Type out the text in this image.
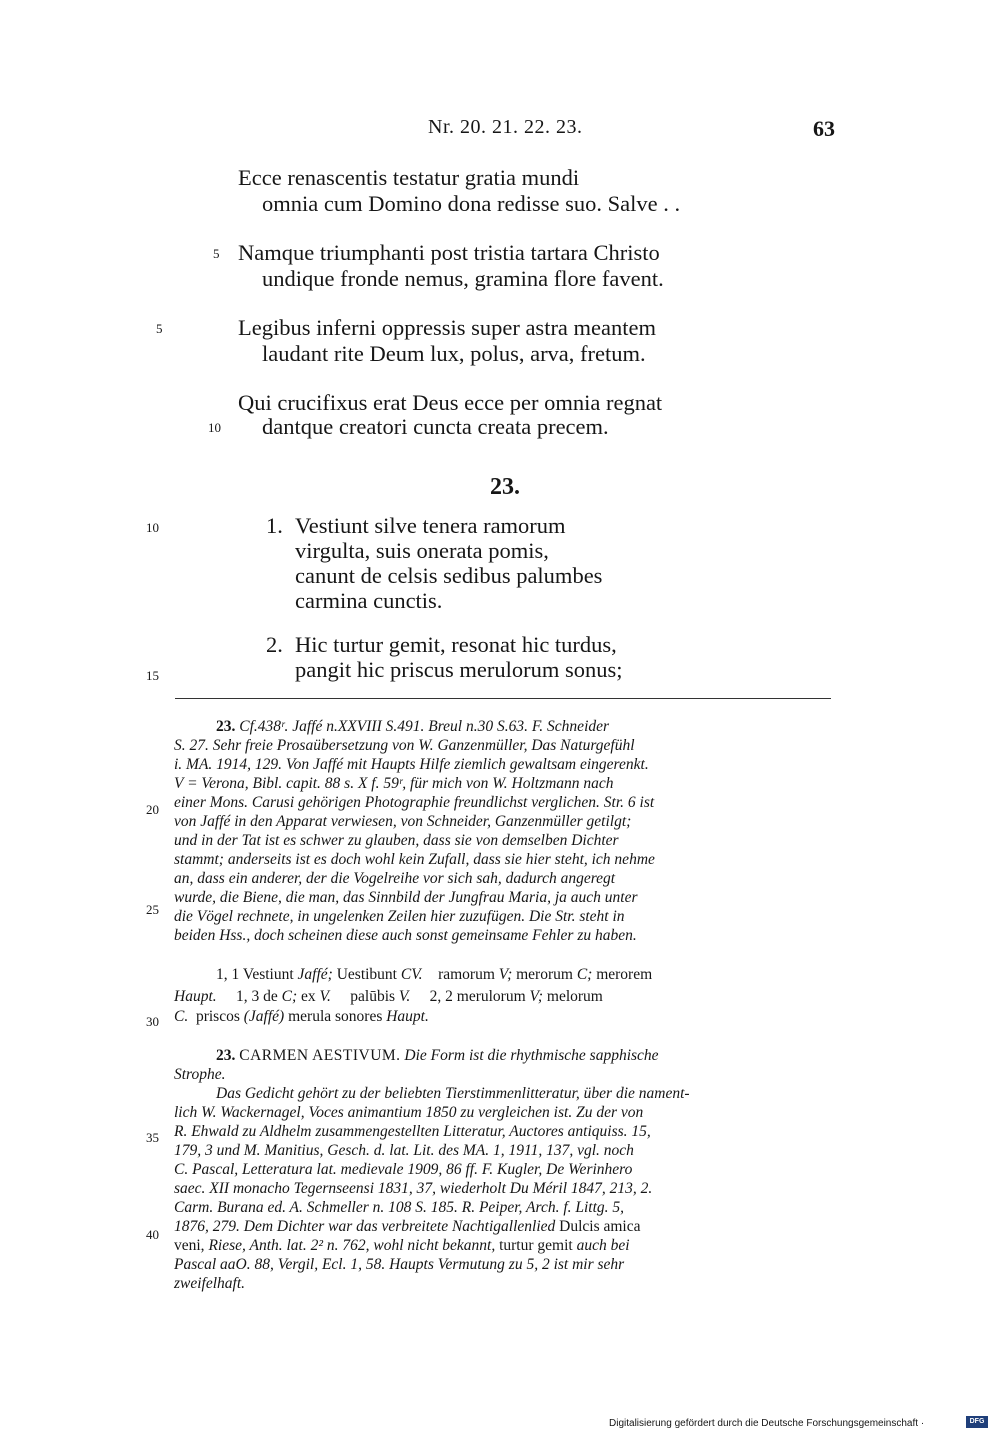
Nr. 20. 21. 22. 23.	63
Ecce renascentis testatur gratia mundi
omnia cum Domino dona redisse suo. Salve . .
5 Namque triumphanti post tristia tartara Christo
undique fronde nemus, gramina flore favent.
Legibus inferni oppressis super astra meantem
laudant rite Deum lux, polus, arva, fretum.
Qui crucifixus erat Deus ecce per omnia regnat
10 dantque creatori cuncta creata precem.
5
10
15
20
25
30
35
40
23.
1. Vestiunt silve tenera ramorum
virgulta, suis onerata pomis,
canunt de celsis sedibus palumbes
carmina cunctis.
2. Hic turtur gemit, resonat hic turdus,
pangit hic priscus merulorum sonus;
23. Cf.438ʳ. Jaffé n.XXVIII S.491. Breul n.30 S.63. F. Schneider
S. 27. Sehr freie Prosaübersetzung von W. Ganzenmüller, Das Naturgefühl
i. MA. 1914, 129. Von Jaffé mit Haupts Hilfe ziemlich gewaltsam eingerenkt.
V = Verona, Bibl. capit. 88 s. X f. 59ʳ, für mich von W. Holtzmann nach
einer Mons. Carusi gehörigen Photographie freundlichst verglichen. Str. 6 ist
von Jaffé in den Apparat verwiesen, von Schneider, Ganzenmüller getilgt;
und in der Tat ist es schwer zu glauben, dass sie von demselben Dichter
stammt; anderseits ist es doch wohl kein Zufall, dass sie hier steht, ich nehme
an, dass ein anderer, der die Vogelreihe vor sich sah, dadurch angeregt
wurde, die Biene, die man, das Sinnbild der Jungfrau Maria, ja auch unter
die Vögel rechnete, in ungelenken Zeilen hier zuzufügen. Die Str. steht in
beiden Hss., doch scheinen diese auch sonst gemeinsame Fehler zu haben.
1, 1 Vestiunt Jaffé; Uestibunt CV. ramorum V; merorum C; merorem
Haupt. 1, 3 de C; ex V. palūbis V. 2, 2 merulorum V; melorum
C. priscos (Jaffé) merula sonores Haupt.
23. CARMEN AESTIVUM. Die Form ist die rhythmische sapphische
Strophe.
Das Gedicht gehört zu der beliebten Tierstimmenlitteratur, über die nament-
lich W. Wackernagel, Voces animantium 1850 zu vergleichen ist. Zu der von
R. Ehwald zu Aldhelm zusammengestellten Litteratur, Auctores antiquiss. 15,
179, 3 und M. Manitius, Gesch. d. lat. Lit. des MA. 1, 1911, 137, vgl. noch
C. Pascal, Letteratura lat. medievale 1909, 86 ff. F. Kugler, De Werinhero
saec. XII monacho Tegernseensi 1831, 37, wiederholt Du Méril 1847, 213, 2.
Carm. Burana ed. A. Schmeller n. 108 S. 185. R. Peiper, Arch. f. Littg. 5,
1876, 279. Dem Dichter war das verbreitete Nachtigallenlied Dulcis amica
veni, Riese, Anth. lat. 2² n. 762, wohl nicht bekannt, turtur gemit auch bei
Pascal aaO. 88, Vergil, Ecl. 1, 58. Haupts Vermutung zu 5, 2 ist mir sehr
zweifelhaft.
Digitalisierung gefördert durch die Deutsche Forschungsgemeinschaft ·	DFG
